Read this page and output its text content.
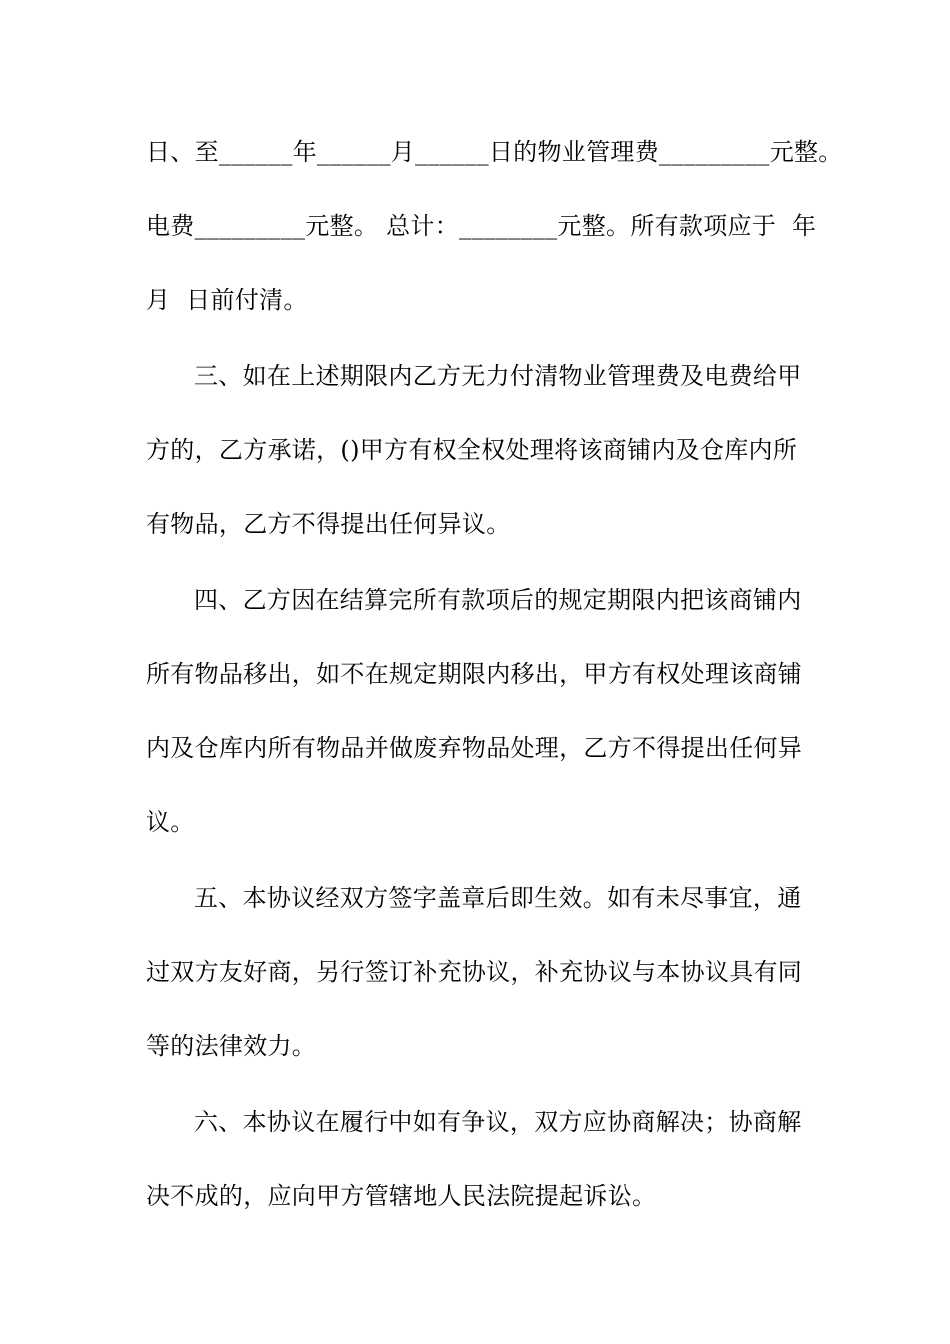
日、至______年______月______日的物业管理费_________元整。
电费_________元整。 总计：________元整。所有款项应于  年
月  日前付清。
三、如在上述期限内乙方无力付清物业管理费及电费给甲
方的，乙方承诺，()甲方有权全权处理将该商铺内及仓库内所
有物品，乙方不得提出任何异议。
四、乙方因在结算完所有款项后的规定期限内把该商铺内
所有物品移出，如不在规定期限内移出，甲方有权处理该商铺
内及仓库内所有物品并做废弃物品处理，乙方不得提出任何异
议。
五、本协议经双方签字盖章后即生效。如有未尽事宜，通
过双方友好商，另行签订补充协议，补充协议与本协议具有同
等的法律效力。
六、本协议在履行中如有争议，双方应协商解决；协商解
决不成的，应向甲方管辖地人民法院提起诉讼。
